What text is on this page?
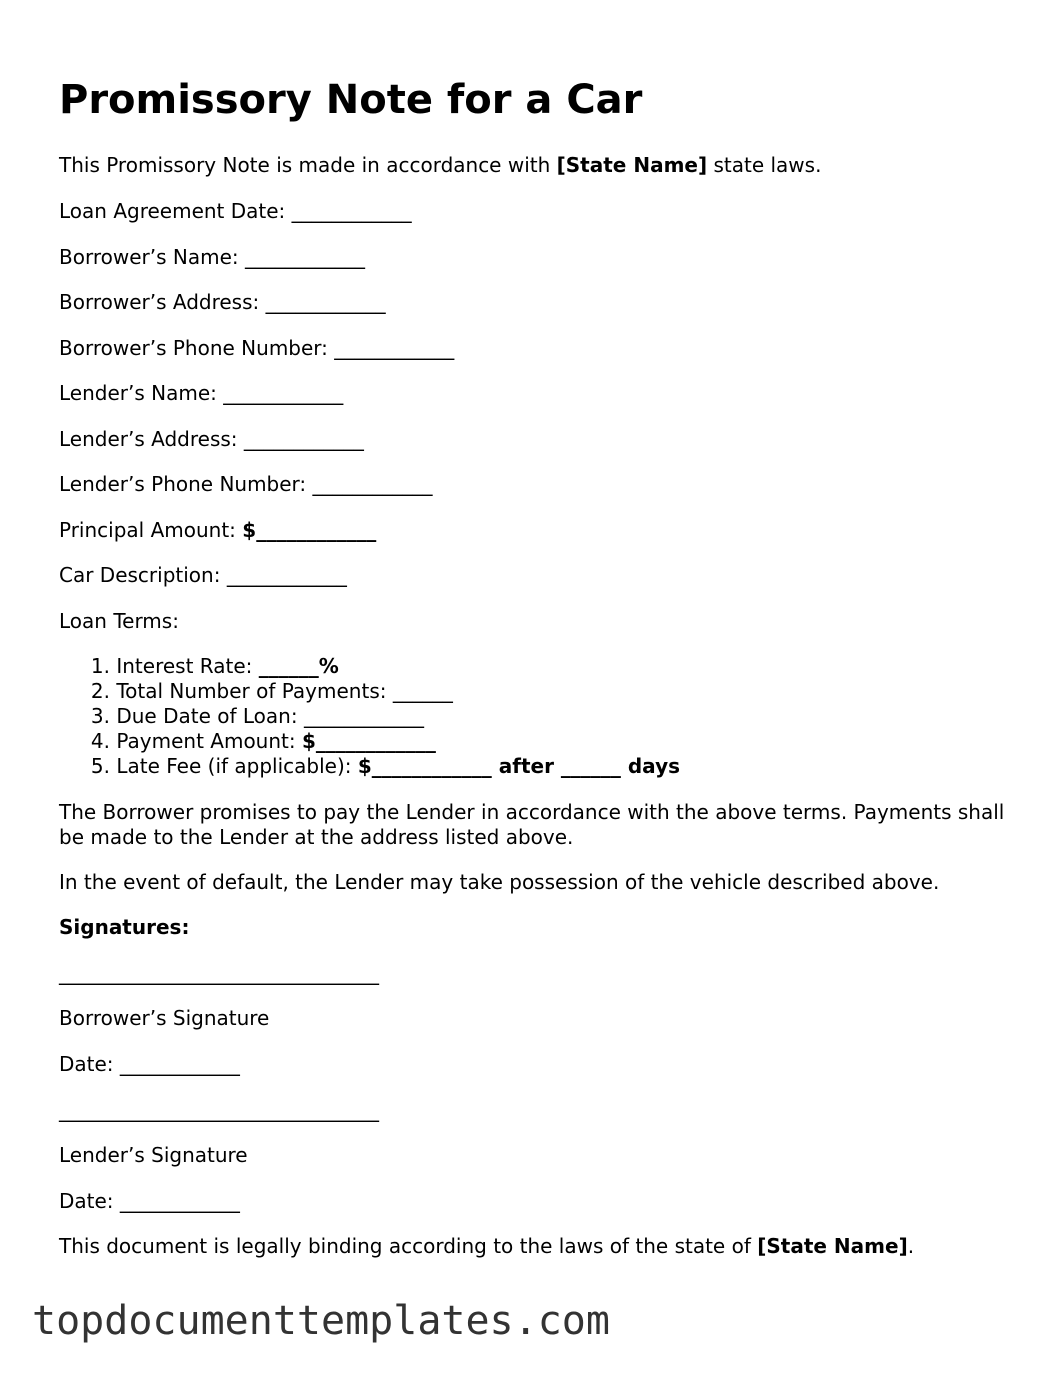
Promissory Note for a Car

This Promissory Note is made in accordance with [State Name] state laws.

Loan Agreement Date: ____________

Borrower’s Name: ____________

Borrower’s Address: ____________

Borrower’s Phone Number: ____________

Lender’s Name: ____________

Lender’s Address: ____________

Lender’s Phone Number: ____________

Principal Amount: $____________

Car Description: ____________

Loan Terms:

1. Interest Rate: ______%
2. Total Number of Payments: ______
3. Due Date of Loan: ____________
4. Payment Amount: $____________
5. Late Fee (if applicable): $____________ after ______ days

The Borrower promises to pay the Lender in accordance with the above terms. Payments shall be made to the Lender at the address listed above.

In the event of default, the Lender may take possession of the vehicle described above.

Signatures:

________________________________

Borrower’s Signature

Date: ____________

________________________________

Lender’s Signature

Date: ____________

This document is legally binding according to the laws of the state of [State Name].

topdocumenttemplates.com
